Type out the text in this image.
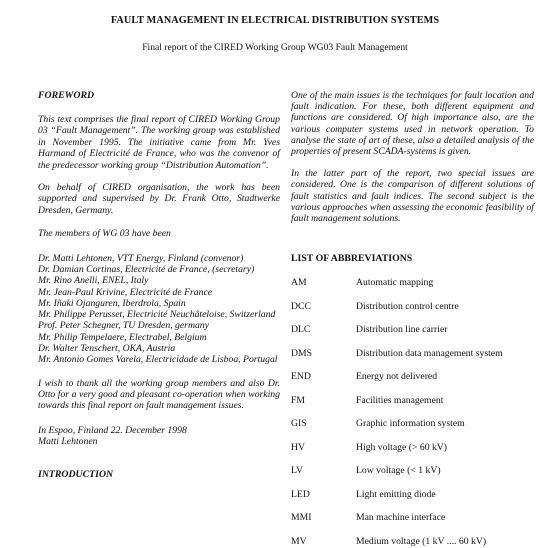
FAULT MANAGEMENT IN ELECTRICAL DISTRIBUTION SYSTEMS
Final report of the CIRED Working Group WG03 Fault Management

FOREWORD

This text comprises the final report of CIRED Working Group 03 “Fault Management”. The working group was established in November 1995. The initiative came from Mr. Yves Harmand of Electricité de France, who was the convenor of the predecessor working group “Distribution Automation”.

On behalf of CIRED organisation, the work has been supported and supervised by Dr. Frank Otto, Stadtwerke Dresden, Germany.

The members of WG 03 have been

Dr. Matti Lehtonen, VTT Energy, Finland (convenor)

Dr. Damian Cortinas, Electricité de France, (secretary)

Mr. Rino Anelli, ENEL, Italy

Mr. Jean-Paul Krivine, Electricité de France

Mr. Iñaki Ojanguren, Iberdrola, Spain

Mr. Philippe Perusset, Electricité Neuchâteloise, Switzerland

Prof. Peter Schegner, TU Dresden, germany

Mr. Philip Tempelaere, Electrabel, Belgium

Dr. Walter Tenschert, OKA, Austria

Mr. Antonio Gomes Varela, Electricidade de Lisboa, Portugal

I wish to thank all the working group members and also Dr. Otto for a very good and pleasant co-operation when working towards this final report on fault management issues.

In Espoo, Finland 22. December 1998

Matti Lehtonen

INTRODUCTION

One of the main issues is the techniques for fault location and fault indication. For these, both different equipment and functions are considered. Of high importance also, are the various computer systems used in network operation. To analyse the state of art of these, also a detailed analysis of the properties of present SCADA-systems is given.

In the latter part of the report, two special issues are considered. One is the comparison of different solutions of fault statistics and fault indices. The second subject is the various approaches when assessing the economic feasibility of fault management solutions.

LIST OF ABBREVIATIONS
AM	Automatic mapping
DCC	Distribution control centre
DLC	Distribution line carrier
DMS	Distribution data management system
END	Energy not delivered
FM	Facilities management
GIS	Graphic information system
HV	High voltage (> 60 kV)
LV	Low voltage (< 1 kV)
LED	Light emitting diode
MMI	Man machine interface
MV	Medium voltage (1 kV .... 60 kV)
